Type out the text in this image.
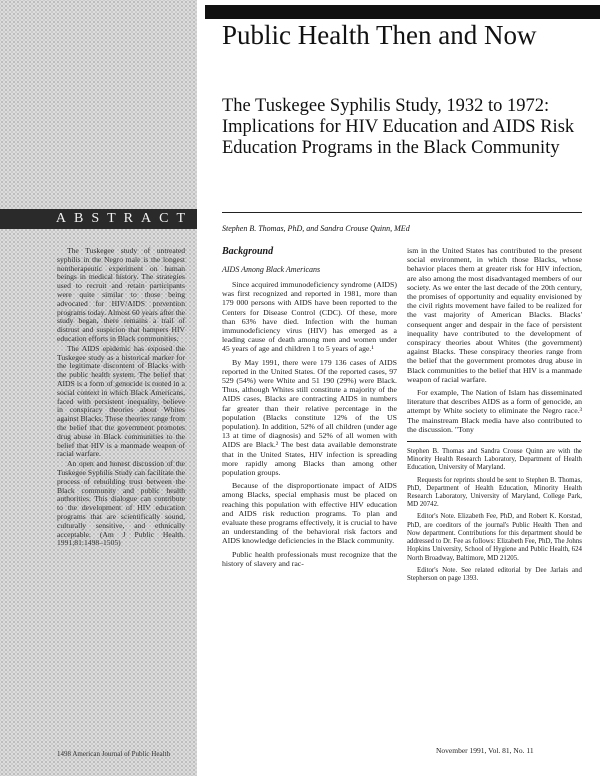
Public Health Then and Now
The Tuskegee Syphilis Study, 1932 to 1972: Implications for HIV Education and AIDS Risk Education Programs in the Black Community
ABSTRACT

The Tuskegee study of untreated syphilis in the Negro male is the longest nontherapeutic experiment on human beings in medical history. The strategies used to recruit and retain participants were quite similar to those being advocated for HIV/AIDS prevention programs today. Almost 60 years after the study began, there remains a trail of distrust and suspicion that hampers HIV education efforts in Black communities.

The AIDS epidemic has exposed the Tuskegee study as a historical marker for the legitimate discontent of Blacks with the public health system. The belief that AIDS is a form of genocide is rooted in a social context in which Black Americans, faced with persistent inequality, believe in conspiracy theories about Whites against Blacks. These theories range from the belief that the government promotes drug abuse in Black communities to the belief that HIV is a manmade weapon of racial warfare.

An open and honest discussion of the Tuskegee Syphilis Study can facilitate the process of rebuilding trust between the Black community and public health authorities. This dialogue can contribute to the development of HIV education programs that are scientifically sound, culturally sensitive, and ethnically acceptable. (Am J Public Health. 1991;81:1498–1505)

1498 American Journal of Public Health

Stephen B. Thomas, PhD, and Sandra Crouse Quinn, MEd

Background
AIDS Among Black Americans

Since acquired immunodeficiency syndrome (AIDS) was first recognized and reported in 1981, more than 179 000 persons with AIDS have been reported to the Centers for Disease Control (CDC). Of these, more than 63% have died. Infection with the human immunodeficiency virus (HIV) has emerged as a leading cause of death among men and women under 45 years of age and children 1 to 5 years of age.¹

By May 1991, there were 179 136 cases of AIDS reported in the United States. Of the reported cases, 97 529 (54%) were White and 51 190 (29%) were Black. Thus, although Whites still constitute a majority of the AIDS cases, Blacks are contracting AIDS in numbers far greater than their relative percentage in the population (Blacks constitute 12% of the US population). In addition, 52% of all children (under age 13 at time of diagnosis) and 52% of all women with AIDS are Black.² The best data available demonstrate that in the United States, HIV infection is spreading more rapidly among Blacks than among other population groups.

Because of the disproportionate impact of AIDS among Blacks, special emphasis must be placed on reaching this population with effective HIV education and AIDS risk reduction programs. To plan and evaluate these programs effectively, it is crucial to have an understanding of the behavioral risk factors and AIDS knowledge deficiencies in the Black community.

Public health professionals must recognize that the history of slavery and rac-

ism in the United States has contributed to the present social environment, in which those Blacks, whose behavior places them at greater risk for HIV infection, are also among the most disadvantaged members of our society. As we enter the last decade of the 20th century, the promises of opportunity and equality envisioned by the civil rights movement have failed to be realized for the vast majority of American Blacks. Blacks' consequent anger and despair in the face of persistent inequality have contributed to the development of conspiracy theories about Whites (the government) against Blacks. These conspiracy theories range from the belief that the government promotes drug abuse in Black communities to the belief that HIV is a manmade weapon of racial warfare.

For example, The Nation of Islam has disseminated literature that describes AIDS as a form of genocide, an attempt by White society to eliminate the Negro race.³ The mainstream Black media have also contributed to the discussion. "Tony

Stephen B. Thomas and Sandra Crouse Quinn are with the Minority Health Research Laboratory, Department of Health Education, University of Maryland.

Requests for reprints should be sent to Stephen B. Thomas, PhD, Department of Health Education, Minority Health Research Laboratory, University of Maryland, College Park, MD 20742.

Editor's Note. Elizabeth Fee, PhD, and Robert K. Korstad, PhD, are coeditors of the journal's Public Health Then and Now department. Contributions for this department should be addressed to Dr. Fee as follows: Elizabeth Fee, PhD, The Johns Hopkins University, School of Hygiene and Public Health, 624 North Broadway, Baltimore, MD 21205.

Editor's Note. See related editorial by Dee Jarlais and Stepherson on page 1393.

November 1991, Vol. 81, No. 11
